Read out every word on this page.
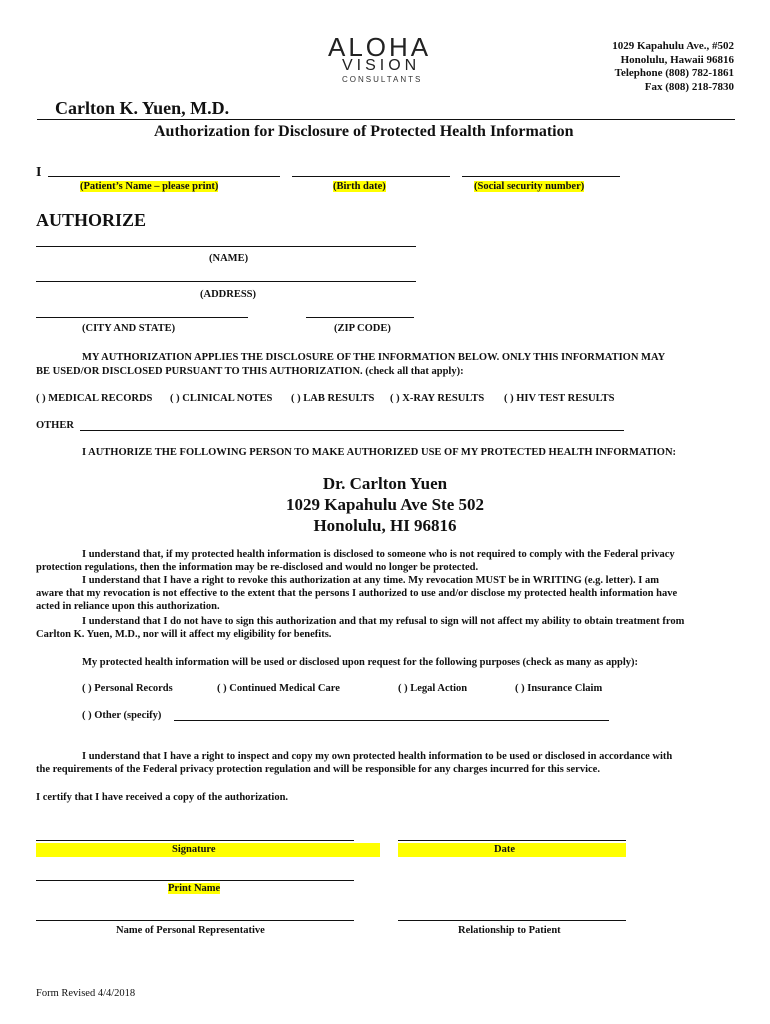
ALOHA
VISION
CONSULTANTS
1029 Kapahulu Ave., #502
Honolulu, Hawaii 96816
Telephone (808) 782-1861
Fax (808) 218-7830
Carlton K. Yuen, M.D.
Authorization for Disclosure of Protected Health Information
I
(Patient’s Name – please print)	(Birth date)	(Social security number)
AUTHORIZE
(NAME)
(ADDRESS)
(CITY AND STATE)	(ZIP CODE)
MY AUTHORIZATION APPLIES THE DISCLOSURE OF THE INFORMATION BELOW. ONLY THIS INFORMATION MAY
BE USED/OR DISCLOSED PURSUANT TO THIS AUTHORIZATION. (check all that apply):
( ) MEDICAL RECORDS ( ) CLINICAL NOTES ( ) LAB RESULTS ( ) X-RAY RESULTS ( ) HIV TEST RESULTS
OTHER
I AUTHORIZE THE FOLLOWING PERSON TO MAKE AUTHORIZED USE OF MY PROTECTED HEALTH INFORMATION:
Dr. Carlton Yuen
1029 Kapahulu Ave Ste 502
Honolulu, HI 96816
I understand that, if my protected health information is disclosed to someone who is not required to comply with the Federal privacy
protection regulations, then the information may be re-disclosed and would no longer be protected.
I understand that I have a right to revoke this authorization at any time. My revocation MUST be in WRITING (e.g. letter). I am
aware that my revocation is not effective to the extent that the persons I authorized to use and/or disclose my protected health information have
acted in reliance upon this authorization.
I understand that I do not have to sign this authorization and that my refusal to sign will not affect my ability to obtain treatment from
Carlton K. Yuen, M.D., nor will it affect my eligibility for benefits.
My protected health information will be used or disclosed upon request for the following purposes (check as many as apply):
( ) Personal Records	( ) Continued Medical Care	( ) Legal Action	( ) Insurance Claim
( ) Other (specify)
I understand that I have a right to inspect and copy my own protected health information to be used or disclosed in accordance with
the requirements of the Federal privacy protection regulation and will be responsible for any charges incurred for this service.
I certify that I have received a copy of the authorization.
Signature	Date
Print Name
Name of Personal Representative	Relationship to Patient
Form Revised 4/4/2018
